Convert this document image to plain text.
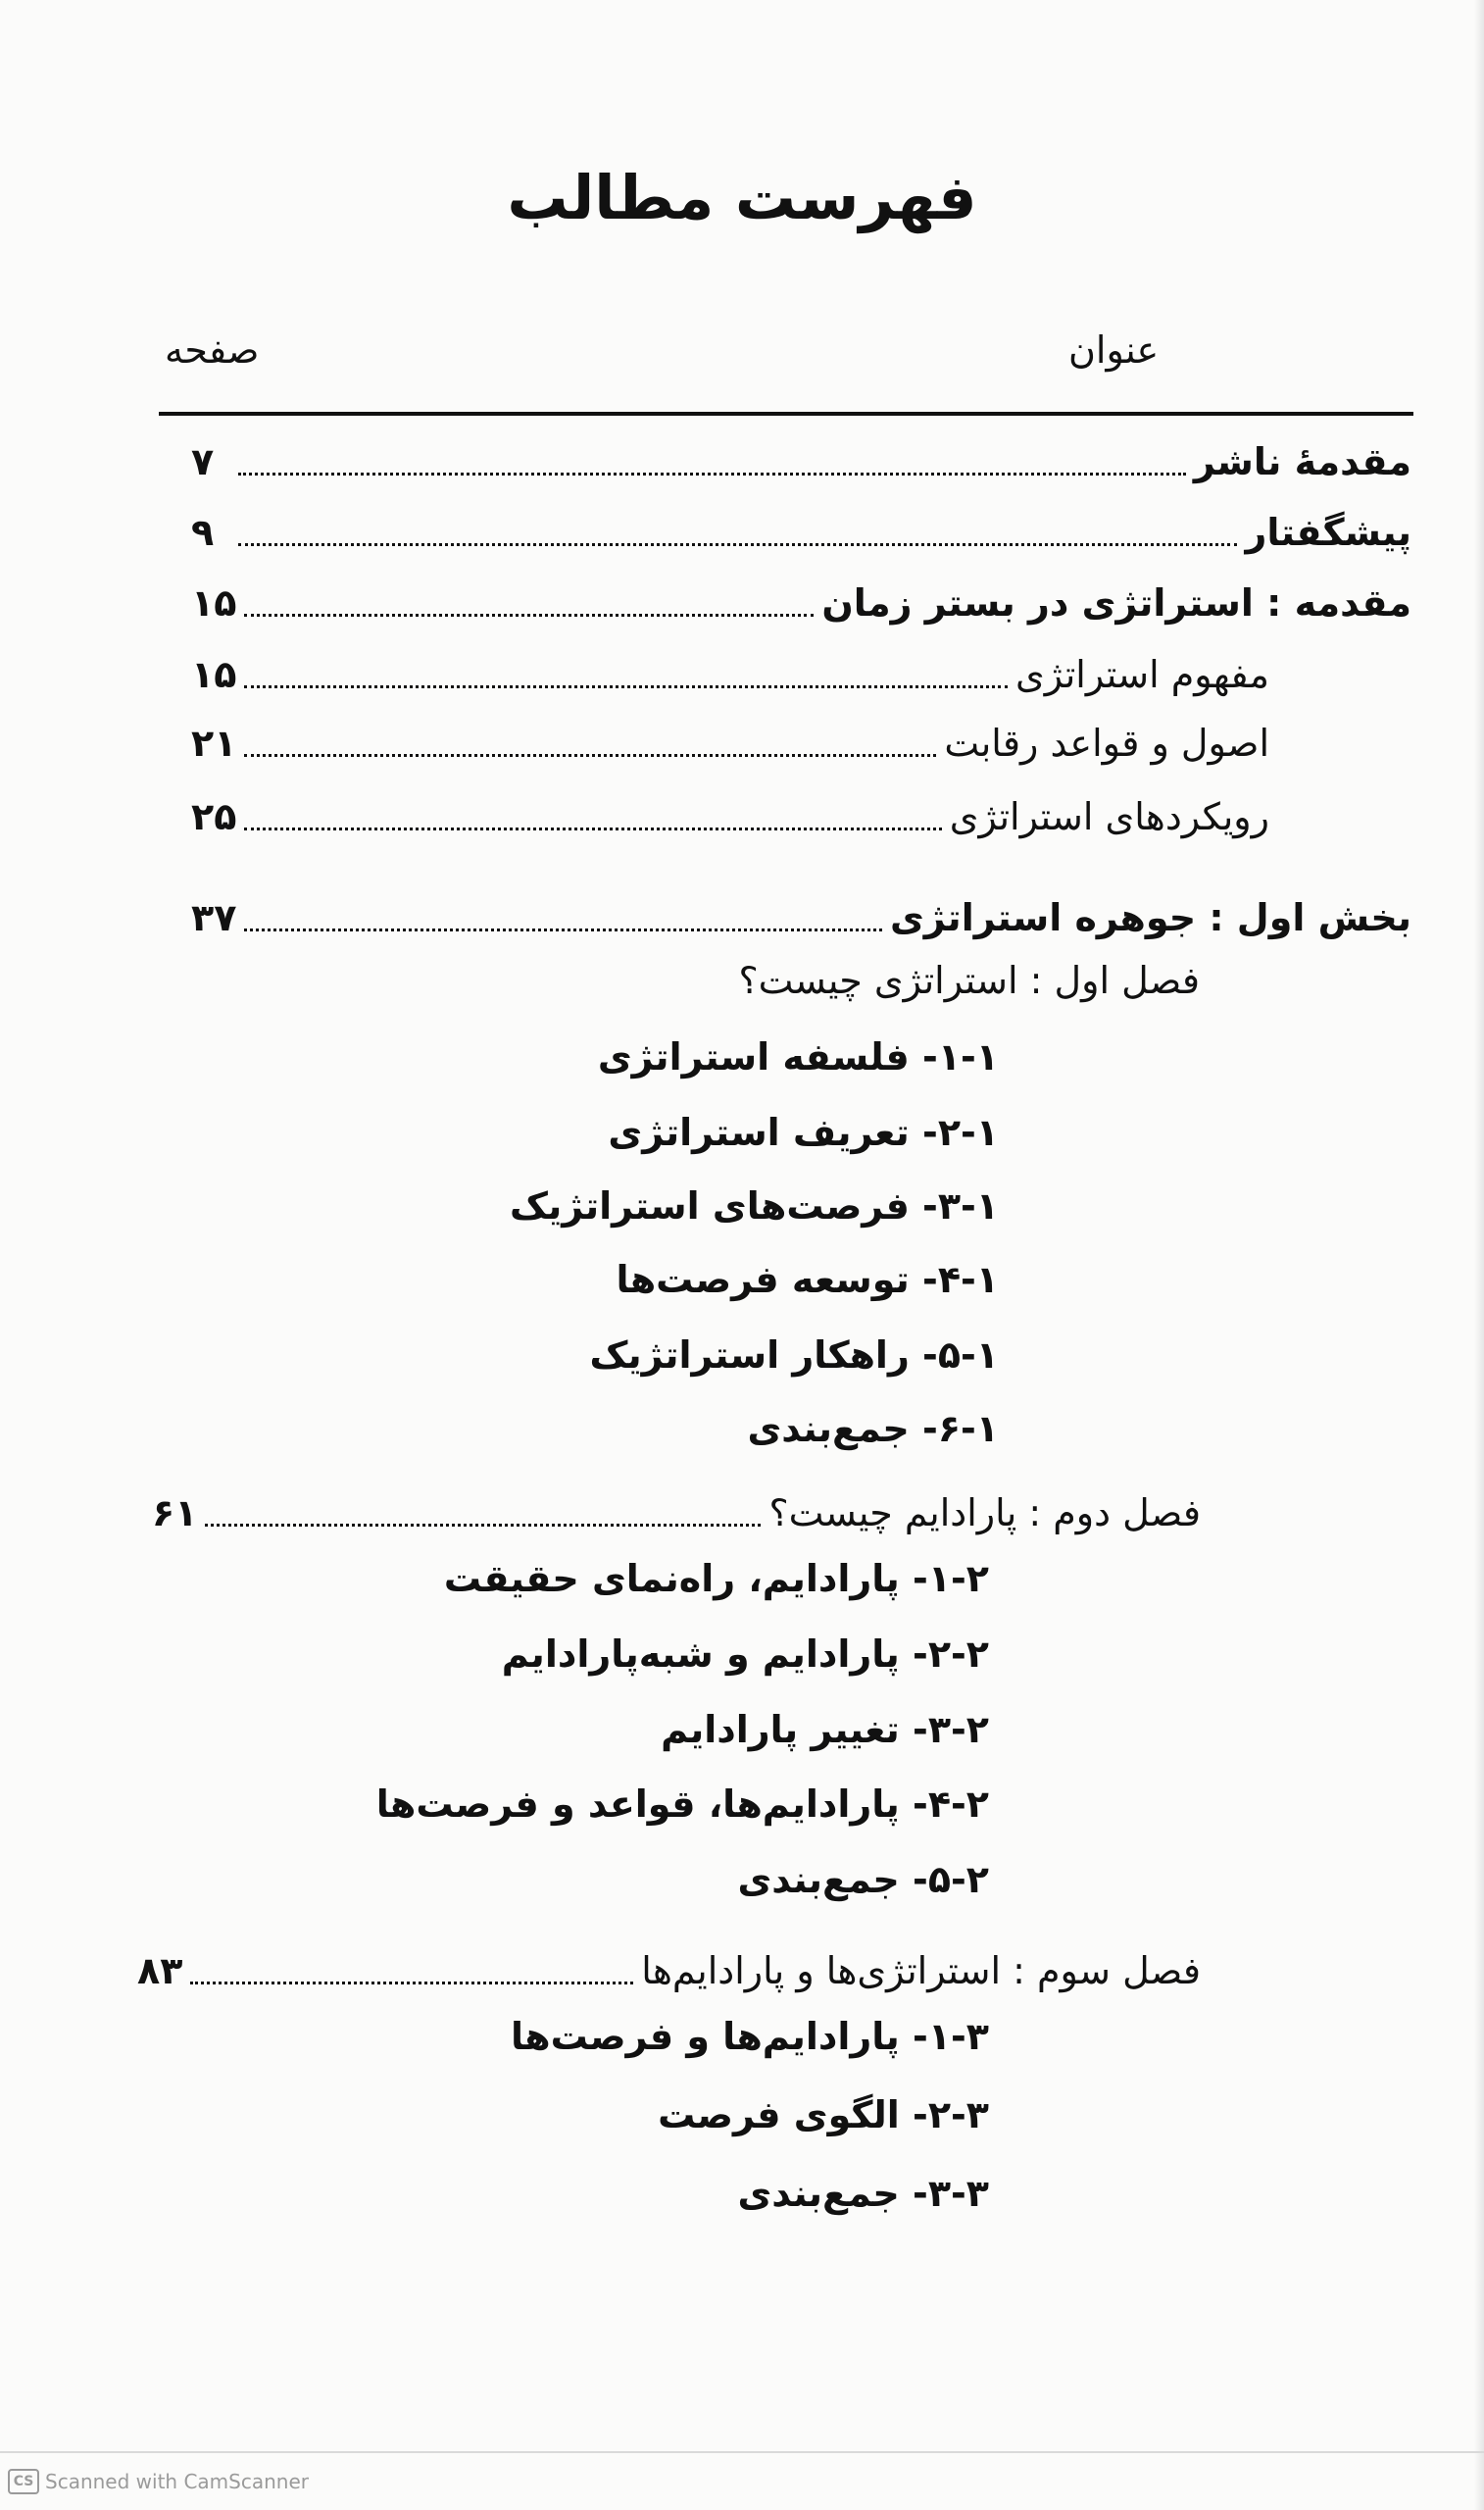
فهرست مطالب
عنوان
صفحه
مقدمۀ ناشر
۷
پیشگفتار
۹
مقدمه : استراتژی در بستر زمان
۱۵
مفهوم استراتژی
۱۵
اصول و قواعد رقابت
۲۱
رویکردهای استراتژی
۲۵
بخش اول : جوهره استراتژی
۳۷
فصل اول : استراتژی چیست؟
۱-۱- فلسفه استراتژی
۲-۱- تعریف استراتژی
۳-۱- فرصت‌های استراتژیک
۴-۱- توسعه فرصت‌ها
۵-۱- راهکار استراتژیک
۶-۱- جمع‌بندی
فصل دوم : پارادایم چیست؟
۶۱
۱-۲- پارادایم، راه‌نمای حقیقت
۲-۲- پارادایم و شبه‌پارادایم
۳-۲- تغییر پارادایم
۴-۲- پارادایم‌ها، قواعد و فرصت‌ها
۵-۲- جمع‌بندی
فصل سوم : استراتژی‌ها و پارادایم‌ها
۸۳
۱-۳- پارادایم‌ها و فرصت‌ها
۲-۳- الگوی فرصت
۳-۳- جمع‌بندی
CS Scanned with CamScanner
